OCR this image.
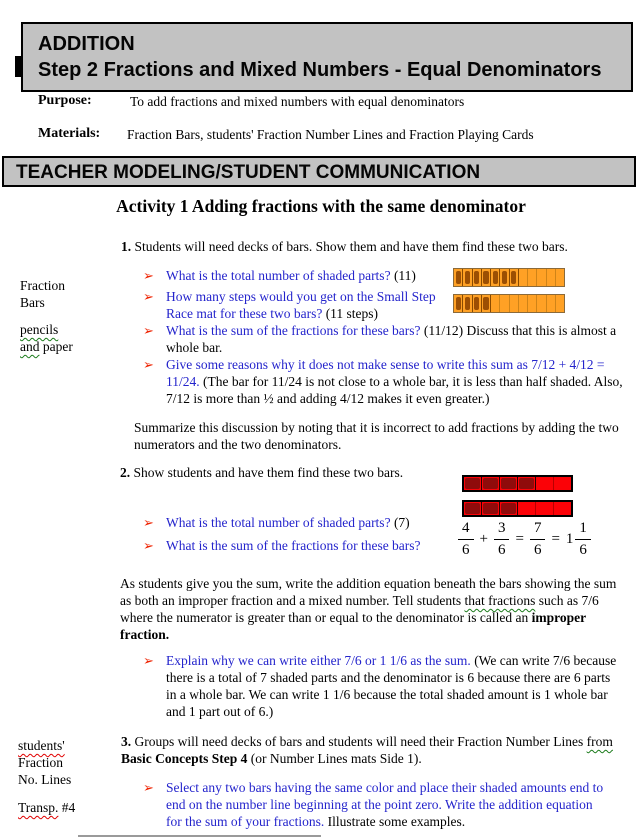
ADDITION
Step 2 Fractions and Mixed Numbers - Equal Denominators
Purpose:	To add fractions and mixed numbers with equal denominators
Materials: Fraction Bars, students' Fraction Number Lines and Fraction Playing Cards
TEACHER MODELING/STUDENT COMMUNICATION
Activity 1 Adding fractions with the same denominator
Fraction
Bars
pencils
and paper
students'
Fraction
No. Lines
Transp. #4
1. Students will need decks of bars. Show them and have them find these two bars.
➢ What is the total number of shaded parts? (11)
➢ How many steps would you get on the Small Step Race mat for these two bars? (11 steps)
➢ What is the sum of the fractions for these bars? (11/12) Discuss that this is almost a whole bar.
➢ Give some reasons why it does not make sense to write this sum as 7/12 + 4/12 = 11/24. (The bar for 11/24 is not close to a whole bar, it is less than half shaded. Also, 7/12 is more than ½ and adding 4/12 makes it even greater.)
Summarize this discussion by noting that it is incorrect to add fractions by adding the two numerators and the two denominators.
2. Show students and have them find these two bars.
➢ What is the total number of shaded parts? (7)
➢ What is the sum of the fractions for these bars?	$\frac{4}{6} + \frac{3}{6} = \frac{7}{6} = 1 \frac{1}{6}$
As students give you the sum, write the addition equation beneath the bars showing the sum as both an improper fraction and a mixed number. Tell students that fractions such as 7/6 where the numerator is greater than or equal to the denominator is called an improper fraction.
➢ Explain why we can write either 7/6 or 1 1/6 as the sum. (We can write 7/6 because there is a total of 7 shaded parts and the denominator is 6 because there are 6 parts in a whole bar. We can write 1 1/6 because the total shaded amount is 1 whole bar and 1 part out of 6.)
3. Groups will need decks of bars and students will need their Fraction Number Lines from Basic Concepts Step 4 (or Number Lines mats Side 1).
➢ Select any two bars having the same color and place their shaded amounts end to end on the number line beginning at the point zero. Write the addition equation for the sum of your fractions. Illustrate some examples.
